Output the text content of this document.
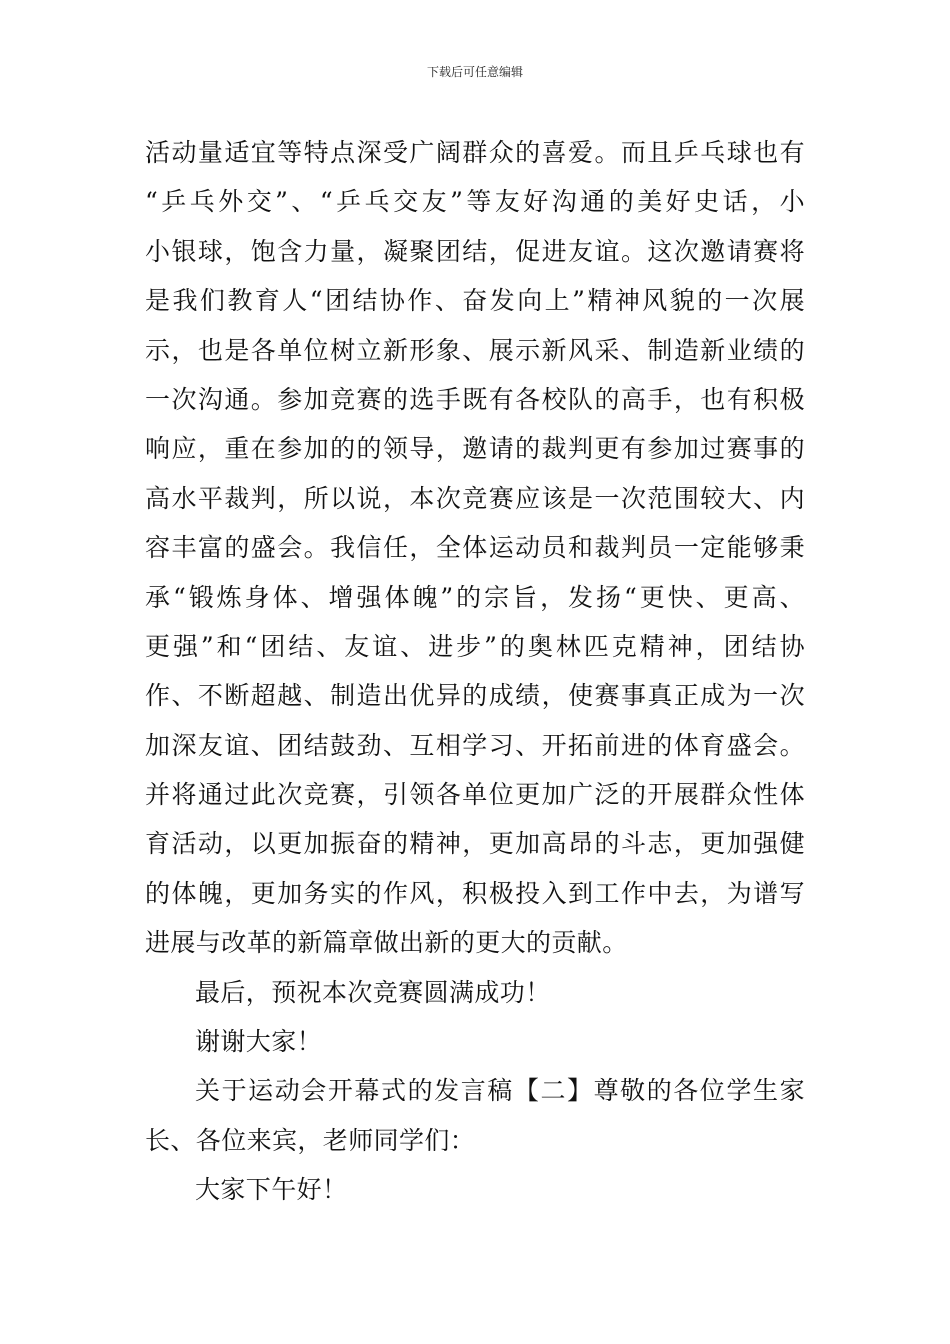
下载后可任意编辑
活动量适宜等特点深受广阔群众的喜爱。而且乒乓球也有
“乒乓外交”、“乒乓交友”等友好沟通的美好史话，小
小银球，饱含力量，凝聚团结，促进友谊。这次邀请赛将
是我们教育人“团结协作、奋发向上”精神风貌的一次展
示，也是各单位树立新形象、展示新风采、制造新业绩的
一次沟通。参加竞赛的选手既有各校队的高手，也有积极
响应，重在参加的的领导，邀请的裁判更有参加过赛事的
高水平裁判，所以说，本次竞赛应该是一次范围较大、内
容丰富的盛会。我信任，全体运动员和裁判员一定能够秉
承“锻炼身体、增强体魄”的宗旨，发扬“更快、更高、
更强”和“团结、友谊、进步”的奥林匹克精神，团结协
作、不断超越、制造出优异的成绩，使赛事真正成为一次
加深友谊、团结鼓劲、互相学习、开拓前进的体育盛会。
并将通过此次竞赛，引领各单位更加广泛的开展群众性体
育活动，以更加振奋的精神，更加高昂的斗志，更加强健
的体魄，更加务实的作风，积极投入到工作中去，为谱写
进展与改革的新篇章做出新的更大的贡献。
最后，预祝本次竞赛圆满成功！
谢谢大家！
关于运动会开幕式的发言稿【二】尊敬的各位学生家
长、各位来宾，老师同学们：
大家下午好！
